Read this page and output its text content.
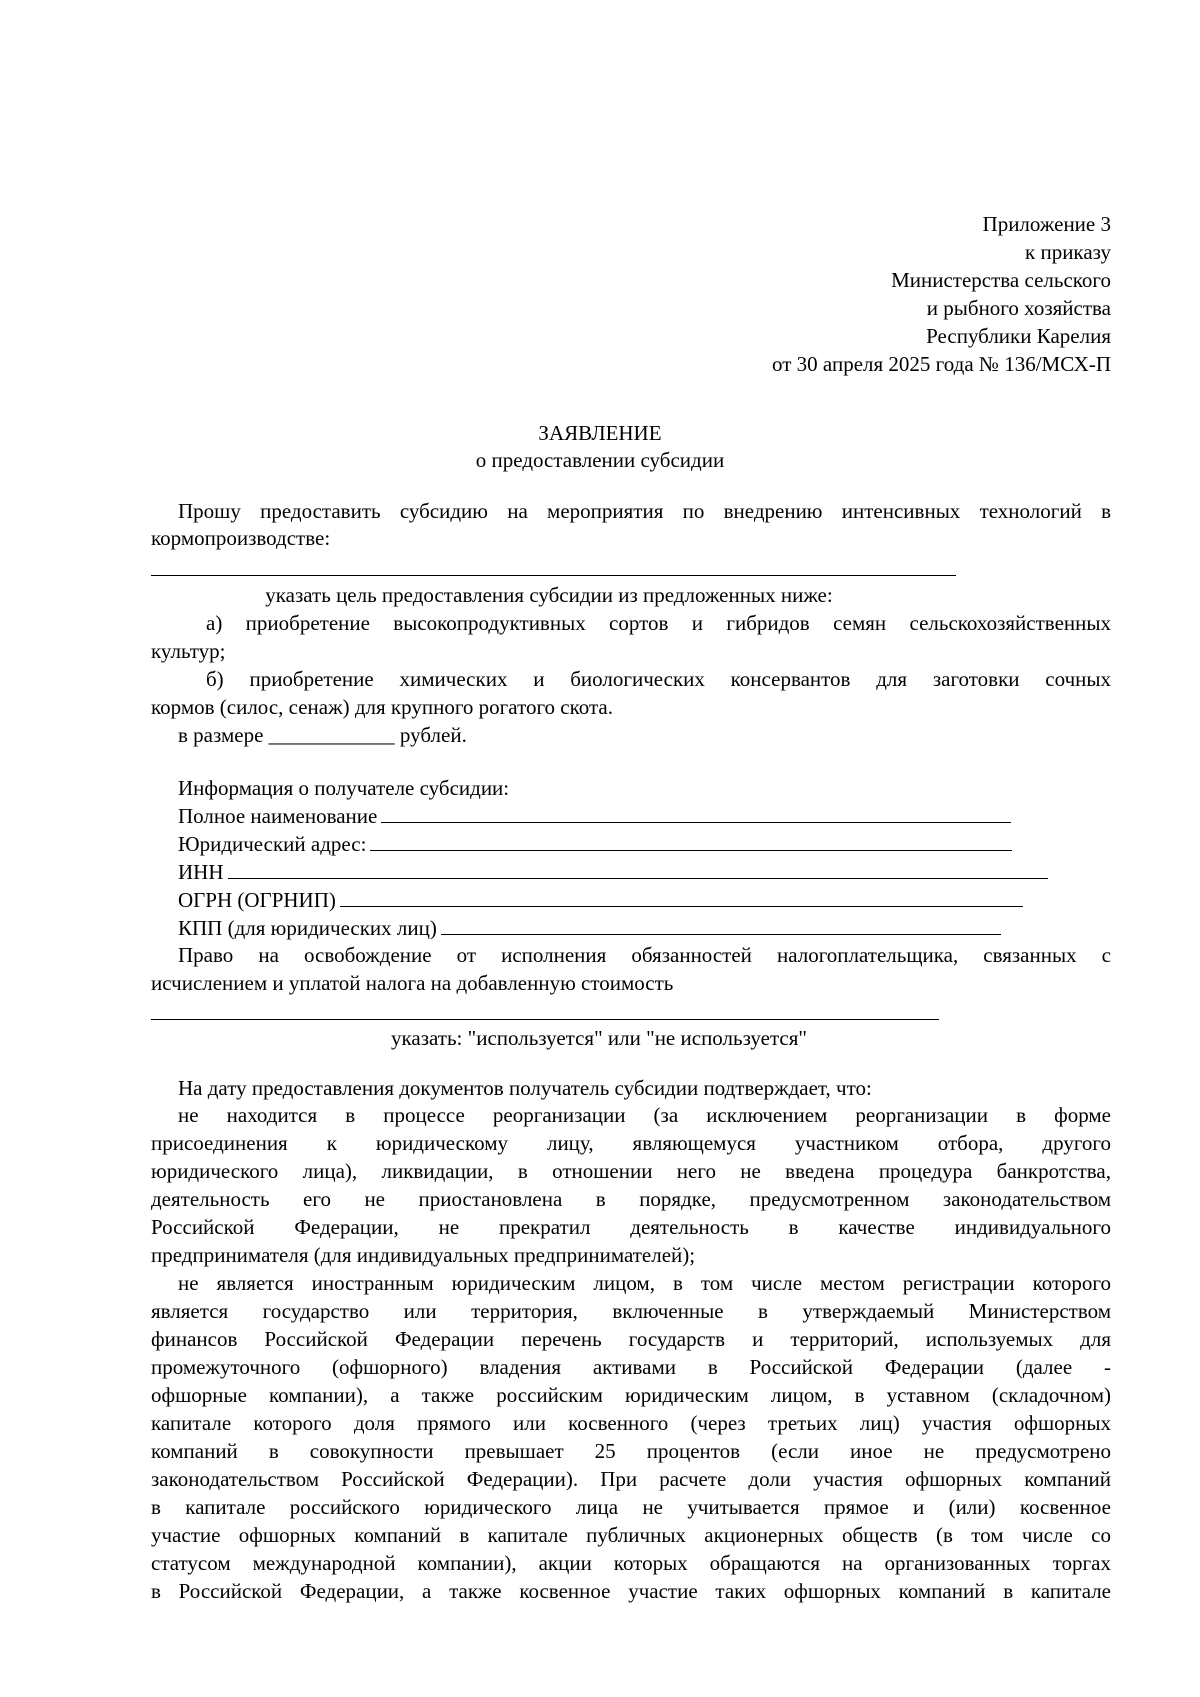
Приложение 3
к приказу
Министерства сельского
и рыбного хозяйства
Республики Карелия
от 30 апреля 2025 года № 136/МСХ-П
ЗАЯВЛЕНИЕ
о предоставлении субсидии
Прошу предоставить субсидию на мероприятия по внедрению интенсивных технологий в
кормопроизводстве:
указать цель предоставления субсидии из предложенных ниже:
а) приобретение высокопродуктивных сортов и гибридов семян сельскохозяйственных
культур;
б) приобретение химических и биологических консервантов для заготовки сочных
кормов (силос, сенаж) для крупного рогатого скота.
в размере ____________ рублей.
Информация о получателе субсидии:
Полное наименование
Юридический адрес:
ИНН
ОГРН (ОГРНИП)
КПП (для юридических лиц)
Право на освобождение от исполнения обязанностей налогоплательщика, связанных с
исчислением и уплатой налога на добавленную стоимость
указать: "используется" или "не используется"
На дату предоставления документов получатель субсидии подтверждает, что:
не находится в процессе реорганизации (за исключением реорганизации в форме
присоединения к юридическому лицу, являющемуся участником отбора, другого
юридического лица), ликвидации, в отношении него не введена процедура банкротства,
деятельность его не приостановлена в порядке, предусмотренном законодательством
Российской Федерации, не прекратил деятельность в качестве индивидуального
предпринимателя (для индивидуальных предпринимателей);
не является иностранным юридическим лицом, в том числе местом регистрации которого
является государство или территория, включенные в утверждаемый Министерством
финансов Российской Федерации перечень государств и территорий, используемых для
промежуточного (офшорного) владения активами в Российской Федерации (далее -
офшорные компании), а также российским юридическим лицом, в уставном (складочном)
капитале которого доля прямого или косвенного (через третьих лиц) участия офшорных
компаний в совокупности превышает 25 процентов (если иное не предусмотрено
законодательством Российской Федерации). При расчете доли участия офшорных компаний
в капитале российского юридического лица не учитывается прямое и (или) косвенное
участие офшорных компаний в капитале публичных акционерных обществ (в том числе со
статусом международной компании), акции которых обращаются на организованных торгах
в Российской Федерации, а также косвенное участие таких офшорных компаний в капитале
